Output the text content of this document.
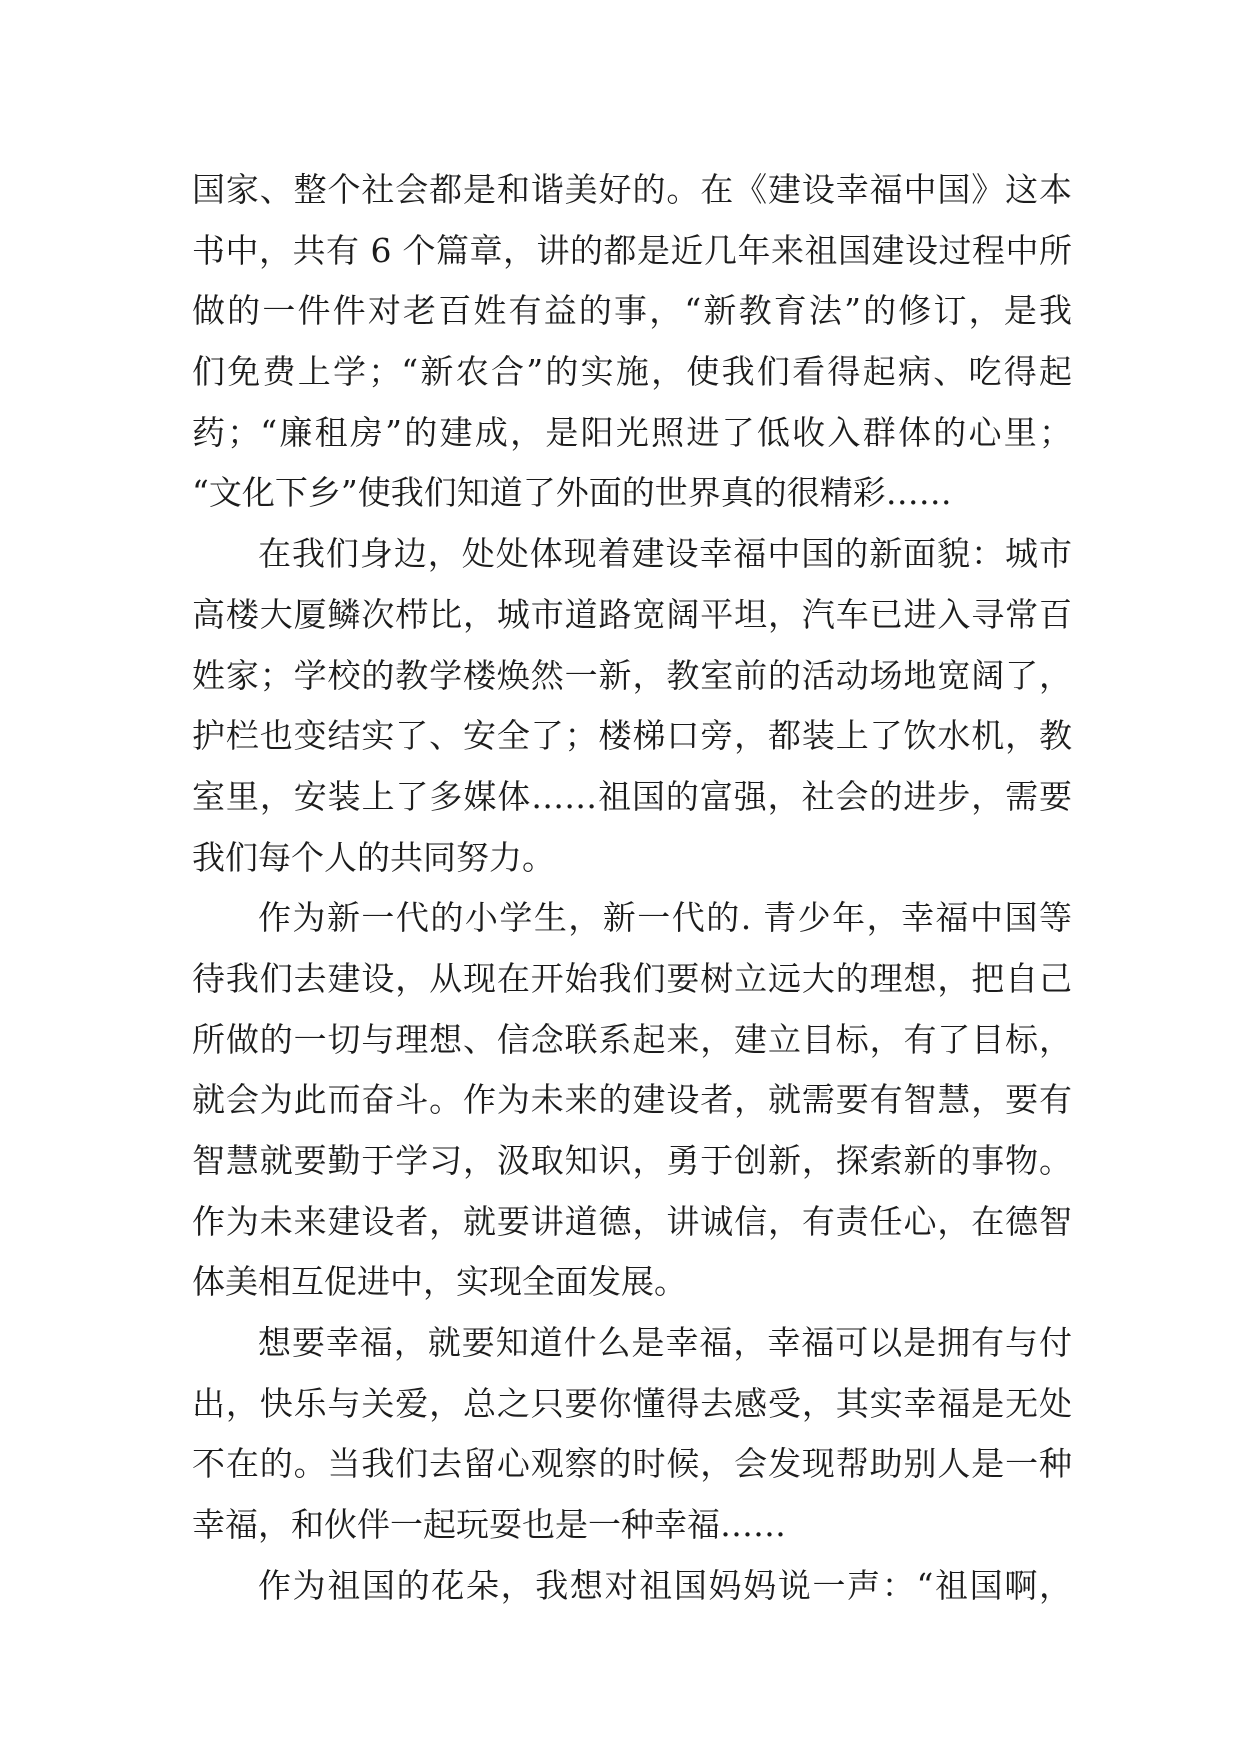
国家、整个社会都是和谐美好的。在《建设幸福中国》这本
书中，共有 6 个篇章，讲的都是近几年来祖国建设过程中所
做的一件件对老百姓有益的事，“新教育法”的修订，是我
们免费上学；“新农合”的实施，使我们看得起病、吃得起
药；“廉租房”的建成，是阳光照进了低收入群体的心里；
“文化下乡”使我们知道了外面的世界真的很精彩……

在我们身边，处处体现着建设幸福中国的新面貌：城市
高楼大厦鳞次栉比，城市道路宽阔平坦，汽车已进入寻常百
姓家；学校的教学楼焕然一新，教室前的活动场地宽阔了，
护栏也变结实了、安全了；楼梯口旁，都装上了饮水机，教
室里，安装上了多媒体……祖国的富强，社会的进步，需要
我们每个人的共同努力。

作为新一代的小学生，新一代的. 青少年，幸福中国等
待我们去建设，从现在开始我们要树立远大的理想，把自己
所做的一切与理想、信念联系起来，建立目标，有了目标，
就会为此而奋斗。作为未来的建设者，就需要有智慧，要有
智慧就要勤于学习，汲取知识，勇于创新，探索新的事物。
作为未来建设者，就要讲道德，讲诚信，有责任心，在德智
体美相互促进中，实现全面发展。

想要幸福，就要知道什么是幸福，幸福可以是拥有与付
出，快乐与关爱，总之只要你懂得去感受，其实幸福是无处
不在的。当我们去留心观察的时候，会发现帮助别人是一种
幸福，和伙伴一起玩耍也是一种幸福……

作为祖国的花朵，我想对祖国妈妈说一声：“祖国啊，
